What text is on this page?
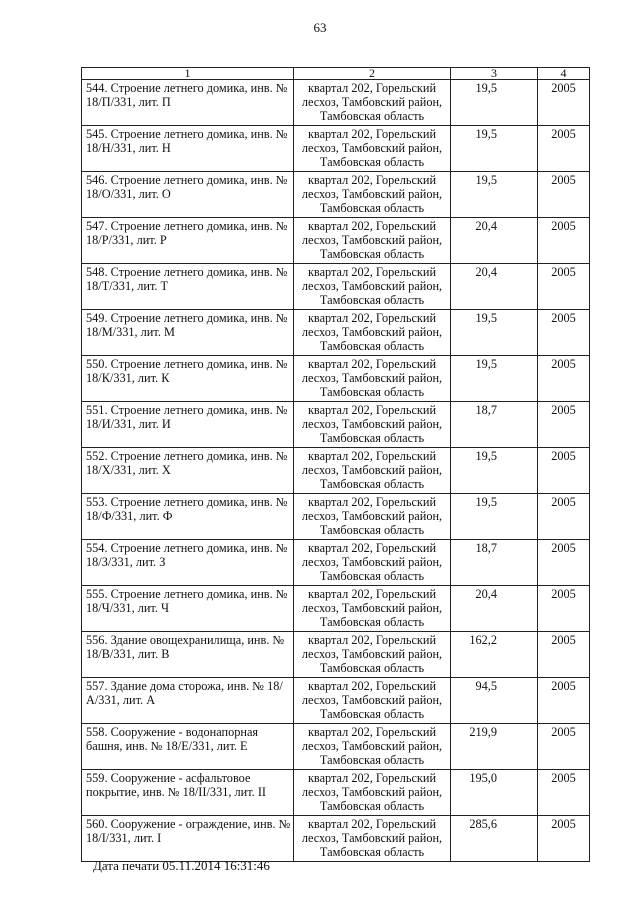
63
1	2	3	4
544. Строение летнего домика, инв. № 18/П/331, лит. П	квартал 202, Горельский лесхоз, Тамбовский район, Тамбовская область	19,5	2005
545. Строение летнего домика, инв. № 18/Н/331, лит. Н	квартал 202, Горельский лесхоз, Тамбовский район, Тамбовская область	19,5	2005
546. Строение летнего домика, инв. № 18/О/331, лит. О	квартал 202, Горельский лесхоз, Тамбовский район, Тамбовская область	19,5	2005
547. Строение летнего домика, инв. № 18/Р/331, лит. Р	квартал 202, Горельский лесхоз, Тамбовский район, Тамбовская область	20,4	2005
548. Строение летнего домика, инв. № 18/Т/331, лит. Т	квартал 202, Горельский лесхоз, Тамбовский район, Тамбовская область	20,4	2005
549. Строение летнего домика, инв. № 18/М/331, лит. М	квартал 202, Горельский лесхоз, Тамбовский район, Тамбовская область	19,5	2005
550. Строение летнего домика, инв. № 18/К/331, лит. К	квартал 202, Горельский лесхоз, Тамбовский район, Тамбовская область	19,5	2005
551. Строение летнего домика, инв. № 18/И/331, лит. И	квартал 202, Горельский лесхоз, Тамбовский район, Тамбовская область	18,7	2005
552. Строение летнего домика, инв. № 18/Х/331, лит. Х	квартал 202, Горельский лесхоз, Тамбовский район, Тамбовская область	19,5	2005
553. Строение летнего домика, инв. № 18/Ф/331, лит. Ф	квартал 202, Горельский лесхоз, Тамбовский район, Тамбовская область	19,5	2005
554. Строение летнего домика, инв. № 18/З/331, лит. З	квартал 202, Горельский лесхоз, Тамбовский район, Тамбовская область	18,7	2005
555. Строение летнего домика, инв. № 18/Ч/331, лит. Ч	квартал 202, Горельский лесхоз, Тамбовский район, Тамбовская область	20,4	2005
556. Здание овощехранилища, инв. № 18/В/331, лит. В	квартал 202, Горельский лесхоз, Тамбовский район, Тамбовская область	162,2	2005
557. Здание дома сторожа, инв. № 18/А/331, лит. А	квартал 202, Горельский лесхоз, Тамбовский район, Тамбовская область	94,5	2005
558. Сооружение - водонапорная башня, инв. № 18/Е/331, лит. Е	квартал 202, Горельский лесхоз, Тамбовский район, Тамбовская область	219,9	2005
559. Сооружение - асфальтовое покрытие, инв. № 18/II/331, лит. II	квартал 202, Горельский лесхоз, Тамбовский район, Тамбовская область	195,0	2005
560. Сооружение - ограждение, инв. № 18/I/331, лит. I	квартал 202, Горельский лесхоз, Тамбовский район, Тамбовская область	285,6	2005
Дата печати 05.11.2014 16:31:46
